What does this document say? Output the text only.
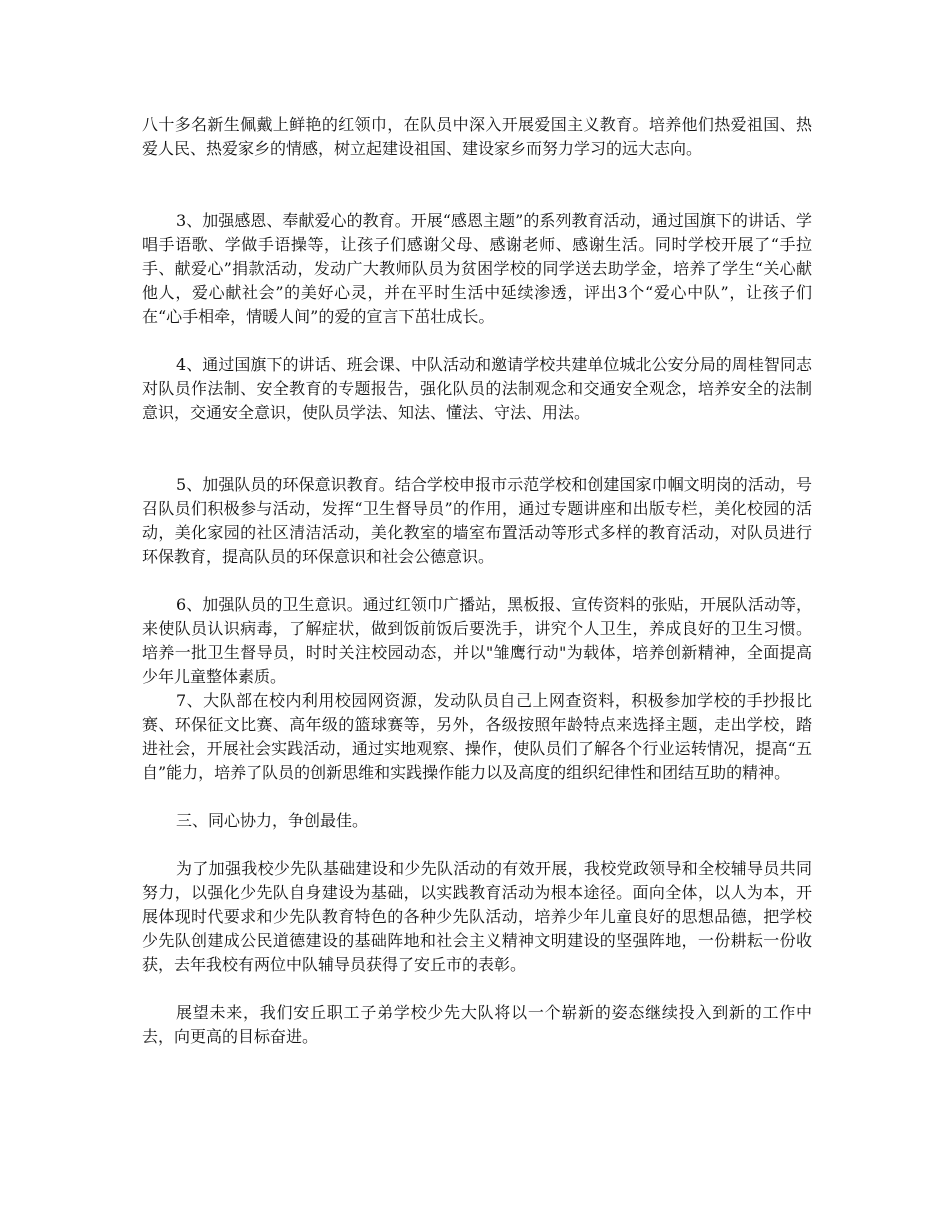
八十多名新生佩戴上鲜艳的红领巾，在队员中深入开展爱国主义教育。培养他们热爱祖国、热爱人民、热爱家乡的情感，树立起建设祖国、建设家乡而努力学习的远大志向。

3、加强感恩、奉献爱心的教育。开展“感恩主题”的系列教育活动，通过国旗下的讲话、学唱手语歌、学做手语操等，让孩子们感谢父母、感谢老师、感谢生活。同时学校开展了“手拉手、献爱心”捐款活动，发动广大教师队员为贫困学校的同学送去助学金，培养了学生“关心献他人，爱心献社会”的美好心灵，并在平时生活中延续渗透，评出3个“爱心中队”，让孩子们在“心手相牵，情暖人间”的爱的宣言下茁壮成长。

4、通过国旗下的讲话、班会课、中队活动和邀请学校共建单位城北公安分局的周桂智同志对队员作法制、安全教育的专题报告，强化队员的法制观念和交通安全观念，培养安全的法制意识，交通安全意识，使队员学法、知法、懂法、守法、用法。

5、加强队员的环保意识教育。结合学校申报市示范学校和创建国家巾帼文明岗的活动，号召队员们积极参与活动，发挥“卫生督导员”的作用，通过专题讲座和出版专栏，美化校园的活动，美化家园的社区清洁活动，美化教室的墙室布置活动等形式多样的教育活动，对队员进行环保教育，提高队员的环保意识和社会公德意识。

6、加强队员的卫生意识。通过红领巾广播站，黑板报、宣传资料的张贴，开展队活动等，来使队员认识病毒，了解症状，做到饭前饭后要洗手，讲究个人卫生，养成良好的卫生习惯。培养一批卫生督导员，时时关注校园动态，并以"雏鹰行动"为载体，培养创新精神，全面提高少年儿童整体素质。

7、大队部在校内利用校园网资源，发动队员自己上网查资料，积极参加学校的手抄报比赛、环保征文比赛、高年级的篮球赛等，另外，各级按照年龄特点来选择主题，走出学校，踏进社会，开展社会实践活动，通过实地观察、操作，使队员们了解各个行业运转情况，提高“五自”能力，培养了队员的创新思维和实践操作能力以及高度的组织纪律性和团结互助的精神。

三、同心协力，争创最佳。

为了加强我校少先队基础建设和少先队活动的有效开展，我校党政领导和全校辅导员共同努力，以强化少先队自身建设为基础，以实践教育活动为根本途径。面向全体，以人为本，开展体现时代要求和少先队教育特色的各种少先队活动，培养少年儿童良好的思想品德，把学校少先队创建成公民道德建设的基础阵地和社会主义精神文明建设的坚强阵地，一份耕耘一份收获，去年我校有两位中队辅导员获得了安丘市的表彰。

展望未来，我们安丘职工子弟学校少先大队将以一个崭新的姿态继续投入到新的工作中去，向更高的目标奋进。
